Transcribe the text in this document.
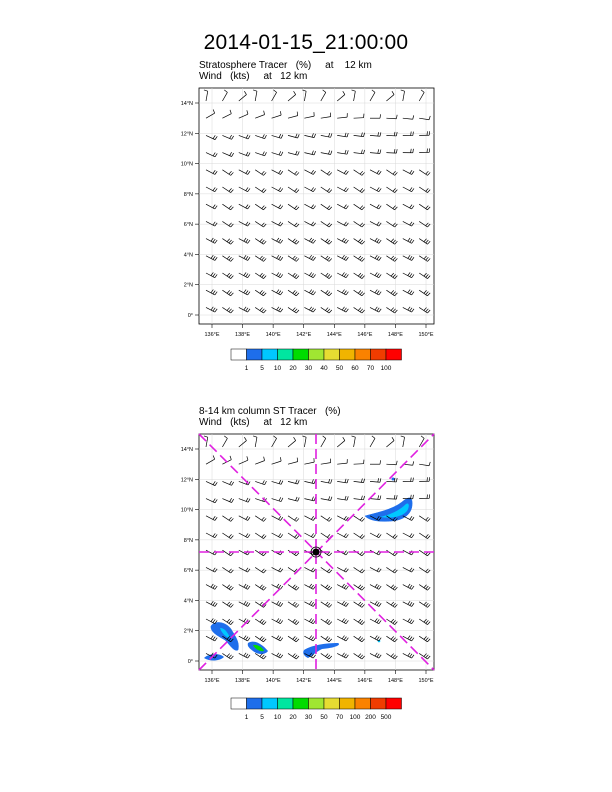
2014-01-15_21:00:00
Stratosphere Tracer   (%)     at    12 km
Wind   (kts)     at   12 km
8-14 km column ST Tracer   (%)
Wind   (kts)     at   12 km
136°E	138°E	140°E	142°E	144°E	146°E	148°E	150°E
0°
2°N
4°N
6°N
8°N
10°N
12°N
14°N
1 5 10 20 30 40 50 60 70 100
136°E	138°E	140°E	142°E	144°E	146°E	148°E	150°E
0°
2°N
4°N
6°N
8°N
10°N
12°N
14°N
1 5 10 20 30 50 70 100 200 500
